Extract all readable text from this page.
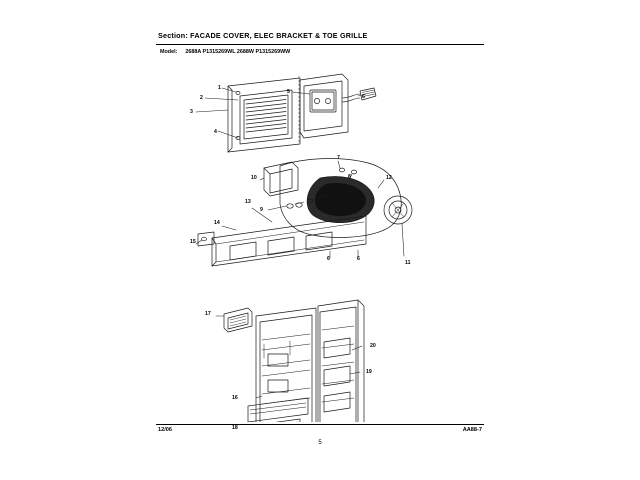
Section: FACADE COVER, ELEC BRACKET & TOE GRILLE
Model: 2688A P1315269WL 2688W P1315269WW
1
2
3
4
5
6
7
8
9
10
11
12
13
14
15
6	6
17
16
18
19
20
12/06	AA88-7
5
